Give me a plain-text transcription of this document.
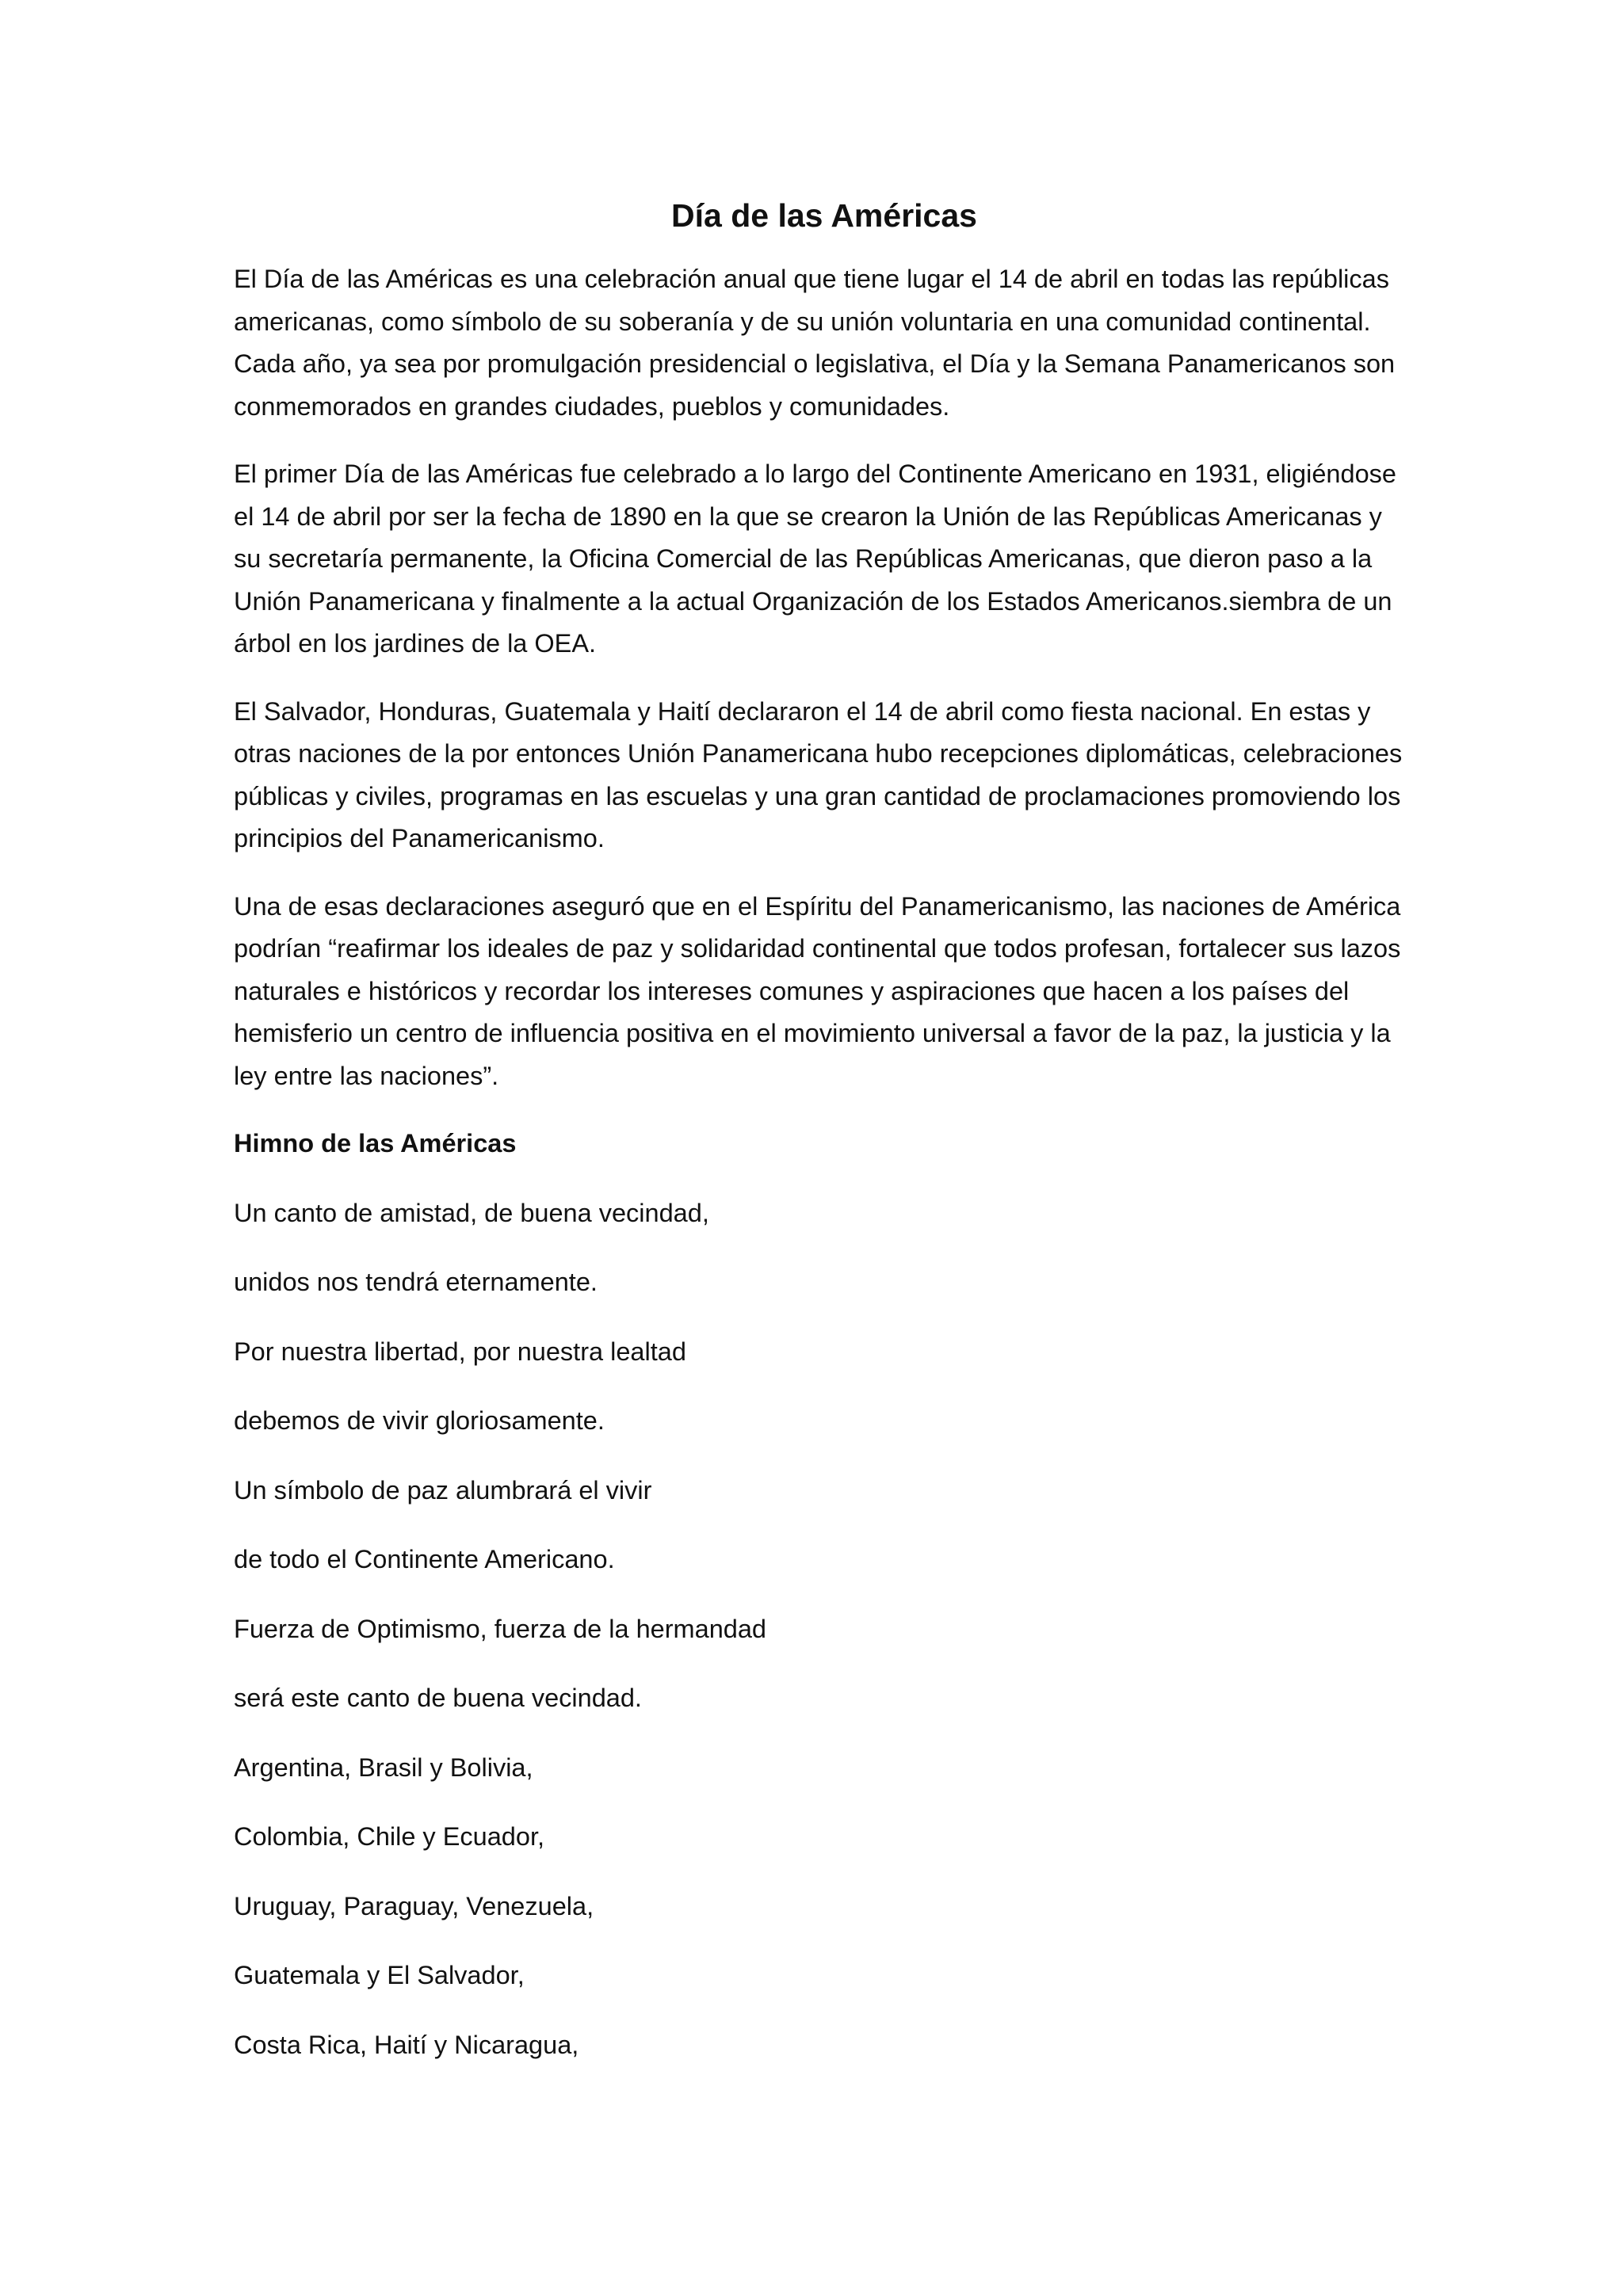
Día de las Américas

El Día de las Américas es una celebración anual que tiene lugar el 14 de abril en todas las repúblicas americanas, como símbolo de su soberanía y de su unión voluntaria en una comunidad continental. Cada año, ya sea por promulgación presidencial o legislativa, el Día y la Semana Panamericanos son conmemorados en grandes ciudades, pueblos y comunidades.

El primer Día de las Américas fue celebrado a lo largo del Continente Americano en 1931, eligiéndose el 14 de abril por ser la fecha de 1890 en la que se crearon la Unión de las Repúblicas Americanas y su secretaría permanente, la Oficina Comercial de las Repúblicas Americanas, que dieron paso a la Unión Panamericana y finalmente a la actual Organización de los Estados Americanos.siembra de un árbol en los jardines de la OEA.

El Salvador, Honduras, Guatemala y Haití declararon el 14 de abril como fiesta nacional. En estas y otras naciones de la por entonces Unión Panamericana hubo recepciones diplomáticas, celebraciones públicas y civiles, programas en las escuelas y una gran cantidad de proclamaciones promoviendo los principios del Panamericanismo.

Una de esas declaraciones aseguró que en el Espíritu del Panamericanismo, las naciones de América podrían “reafirmar los ideales de paz y solidaridad continental que todos profesan, fortalecer sus lazos naturales e históricos y recordar los intereses comunes y aspiraciones que hacen a los países del hemisferio un centro de influencia positiva en el movimiento universal a favor de la paz, la justicia y la ley entre las naciones”.

Himno de las Américas

Un canto de amistad, de buena vecindad,

unidos nos tendrá eternamente.

Por nuestra libertad, por nuestra lealtad

debemos de vivir gloriosamente.

Un símbolo de paz alumbrará el vivir

de todo el Continente Americano.

Fuerza de Optimismo, fuerza de la hermandad

será este canto de buena vecindad.

Argentina, Brasil y Bolivia,

Colombia, Chile y Ecuador,

Uruguay, Paraguay, Venezuela,

Guatemala y El Salvador,

Costa Rica, Haití y Nicaragua,
